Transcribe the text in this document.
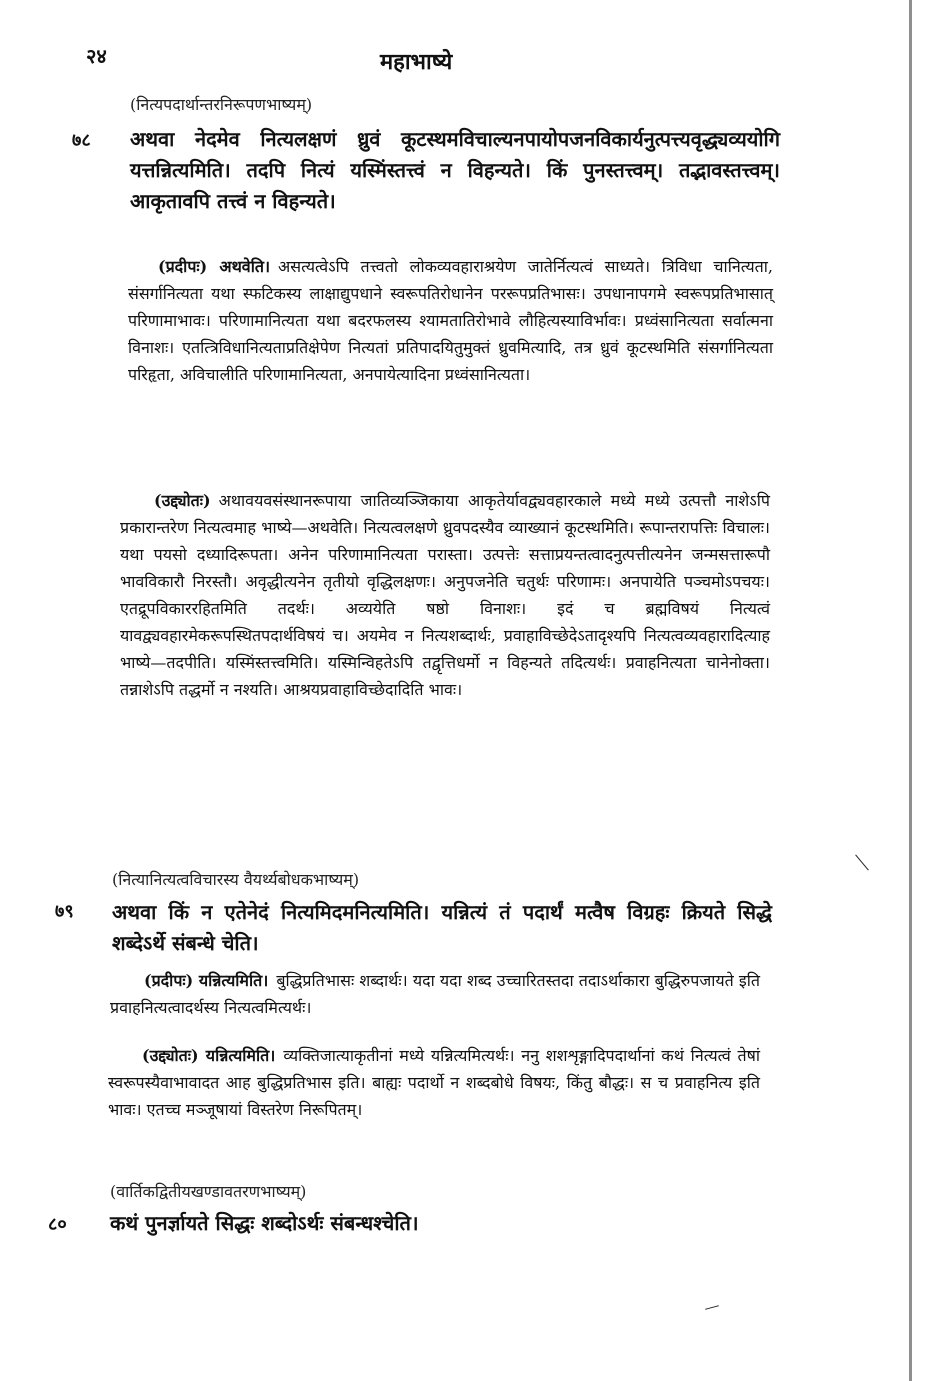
२४	महाभाष्ये
(नित्यपदार्थान्तरनिरूपणभाष्यम्)
७८ अथवा नेदमेव नित्यलक्षणं ध्रुवं कूटस्थमविचाल्यनपायोपजनविकार्यनुत्पत्त्यवृद्ध्यव्ययोगि यत्तन्नित्यमिति। तदपि नित्यं यस्मिंस्तत्त्वं न विहन्यते। किं पुनस्तत्त्वम्। तद्भावस्तत्त्वम्। आकृतावपि तत्त्वं न विहन्यते।
(प्रदीपः) अथवेति। असत्यत्वेऽपि तत्त्वतो लोकव्यवहाराश्रयेण जातेर्नित्यत्वं साध्यते। त्रिविधा चानित्यता, संसर्गानित्यता यथा स्फटिकस्य लाक्षाद्युपधाने स्वरूपतिरोधानेन पररूपप्रतिभासः। उपधानापगमे स्वरूपप्रतिभासात् परिणामाभावः। परिणामानित्यता यथा बदरफलस्य श्यामतातिरोभावे लौहित्यस्याविर्भावः। प्रध्वंसानित्यता सर्वात्मना विनाशः। एतत्त्रिविधानित्यताप्रतिक्षेपेण नित्यतां प्रतिपादयितुमुक्तं ध्रुवमित्यादि, तत्र ध्रुवं कूटस्थमिति संसर्गानित्यता परिहृता, अविचालीति परिणामानित्यता, अनपायेत्यादिना प्रध्वंसानित्यता।
(उद्द्योतः) अथावयवसंस्थानरूपाया जातिव्यञ्जिकाया आकृतेर्यावद्व्यवहारकाले मध्ये मध्ये उत्पत्तौ नाशेऽपि प्रकारान्तरेण नित्यत्वमाह भाष्ये—अथवेति। नित्यत्वलक्षणे ध्रुवपदस्यैव व्याख्यानं कूटस्थमिति। रूपान्तरापत्तिः विचालः। यथा पयसो दध्यादिरूपता। अनेन परिणामानित्यता परास्ता। उत्पत्तेः सत्ताप्रयन्तत्वादनुत्पत्तीत्यनेन जन्मसत्तारूपौ भावविकारौ निरस्तौ। अवृद्धीत्यनेन तृतीयो वृद्धिलक्षणः। अनुपजनेति चतुर्थः परिणामः। अनपायेति पञ्चमोऽपचयः। एतद्रूपविकाररहितमिति तदर्थः। अव्ययेति षष्ठो विनाशः। इदं च ब्रह्मविषयं नित्यत्वं यावद्व्यवहारमेकरूपस्थितपदार्थविषयं च। अयमेव न नित्यशब्दार्थः, प्रवाहाविच्छेदेऽतादृश्यपि नित्यत्वव्यवहारादित्याह भाष्ये—तदपीति। यस्मिंस्तत्त्वमिति। यस्मिन्विहतेऽपि तद्वृत्तिधर्मो न विहन्यते तदित्यर्थः। प्रवाहनित्यता चानेनोक्ता। तन्नाशेऽपि तद्धर्मो न नश्यति। आश्रयप्रवाहाविच्छेदादिति भावः।
(नित्यानित्यत्वविचारस्य वैयर्थ्यबोधकभाष्यम्)
७९ अथवा किं न एतेनेदं नित्यमिदमनित्यमिति। यन्नित्यं तं पदार्थं मत्वैष विग्रहः क्रियते सिद्धे शब्देऽर्थे संबन्धे चेति।
(प्रदीपः) यन्नित्यमिति। बुद्धिप्रतिभासः शब्दार्थः। यदा यदा शब्द उच्चारितस्तदा तदाऽर्थाकारा बुद्धिरुपजायते इति प्रवाहनित्यत्वादर्थस्य नित्यत्वमित्यर्थः।
(उद्द्योतः) यन्नित्यमिति। व्यक्तिजात्याकृतीनां मध्ये यन्नित्यमित्यर्थः। ननु शशशृङ्गादिपदार्थानां कथं नित्यत्वं तेषां स्वरूपस्यैवाभावादत आह बुद्धिप्रतिभास इति। बाह्यः पदार्थो न शब्दबोधे विषयः, किंतु बौद्धः। स च प्रवाहनित्य इति भावः। एतच्च मञ्जूषायां विस्तरेण निरूपितम्।
(वार्तिकद्वितीयखण्डावतरणभाष्यम्)
८० कथं पुनर्ज्ञायते सिद्धः शब्दोऽर्थः संबन्धश्चेति।
